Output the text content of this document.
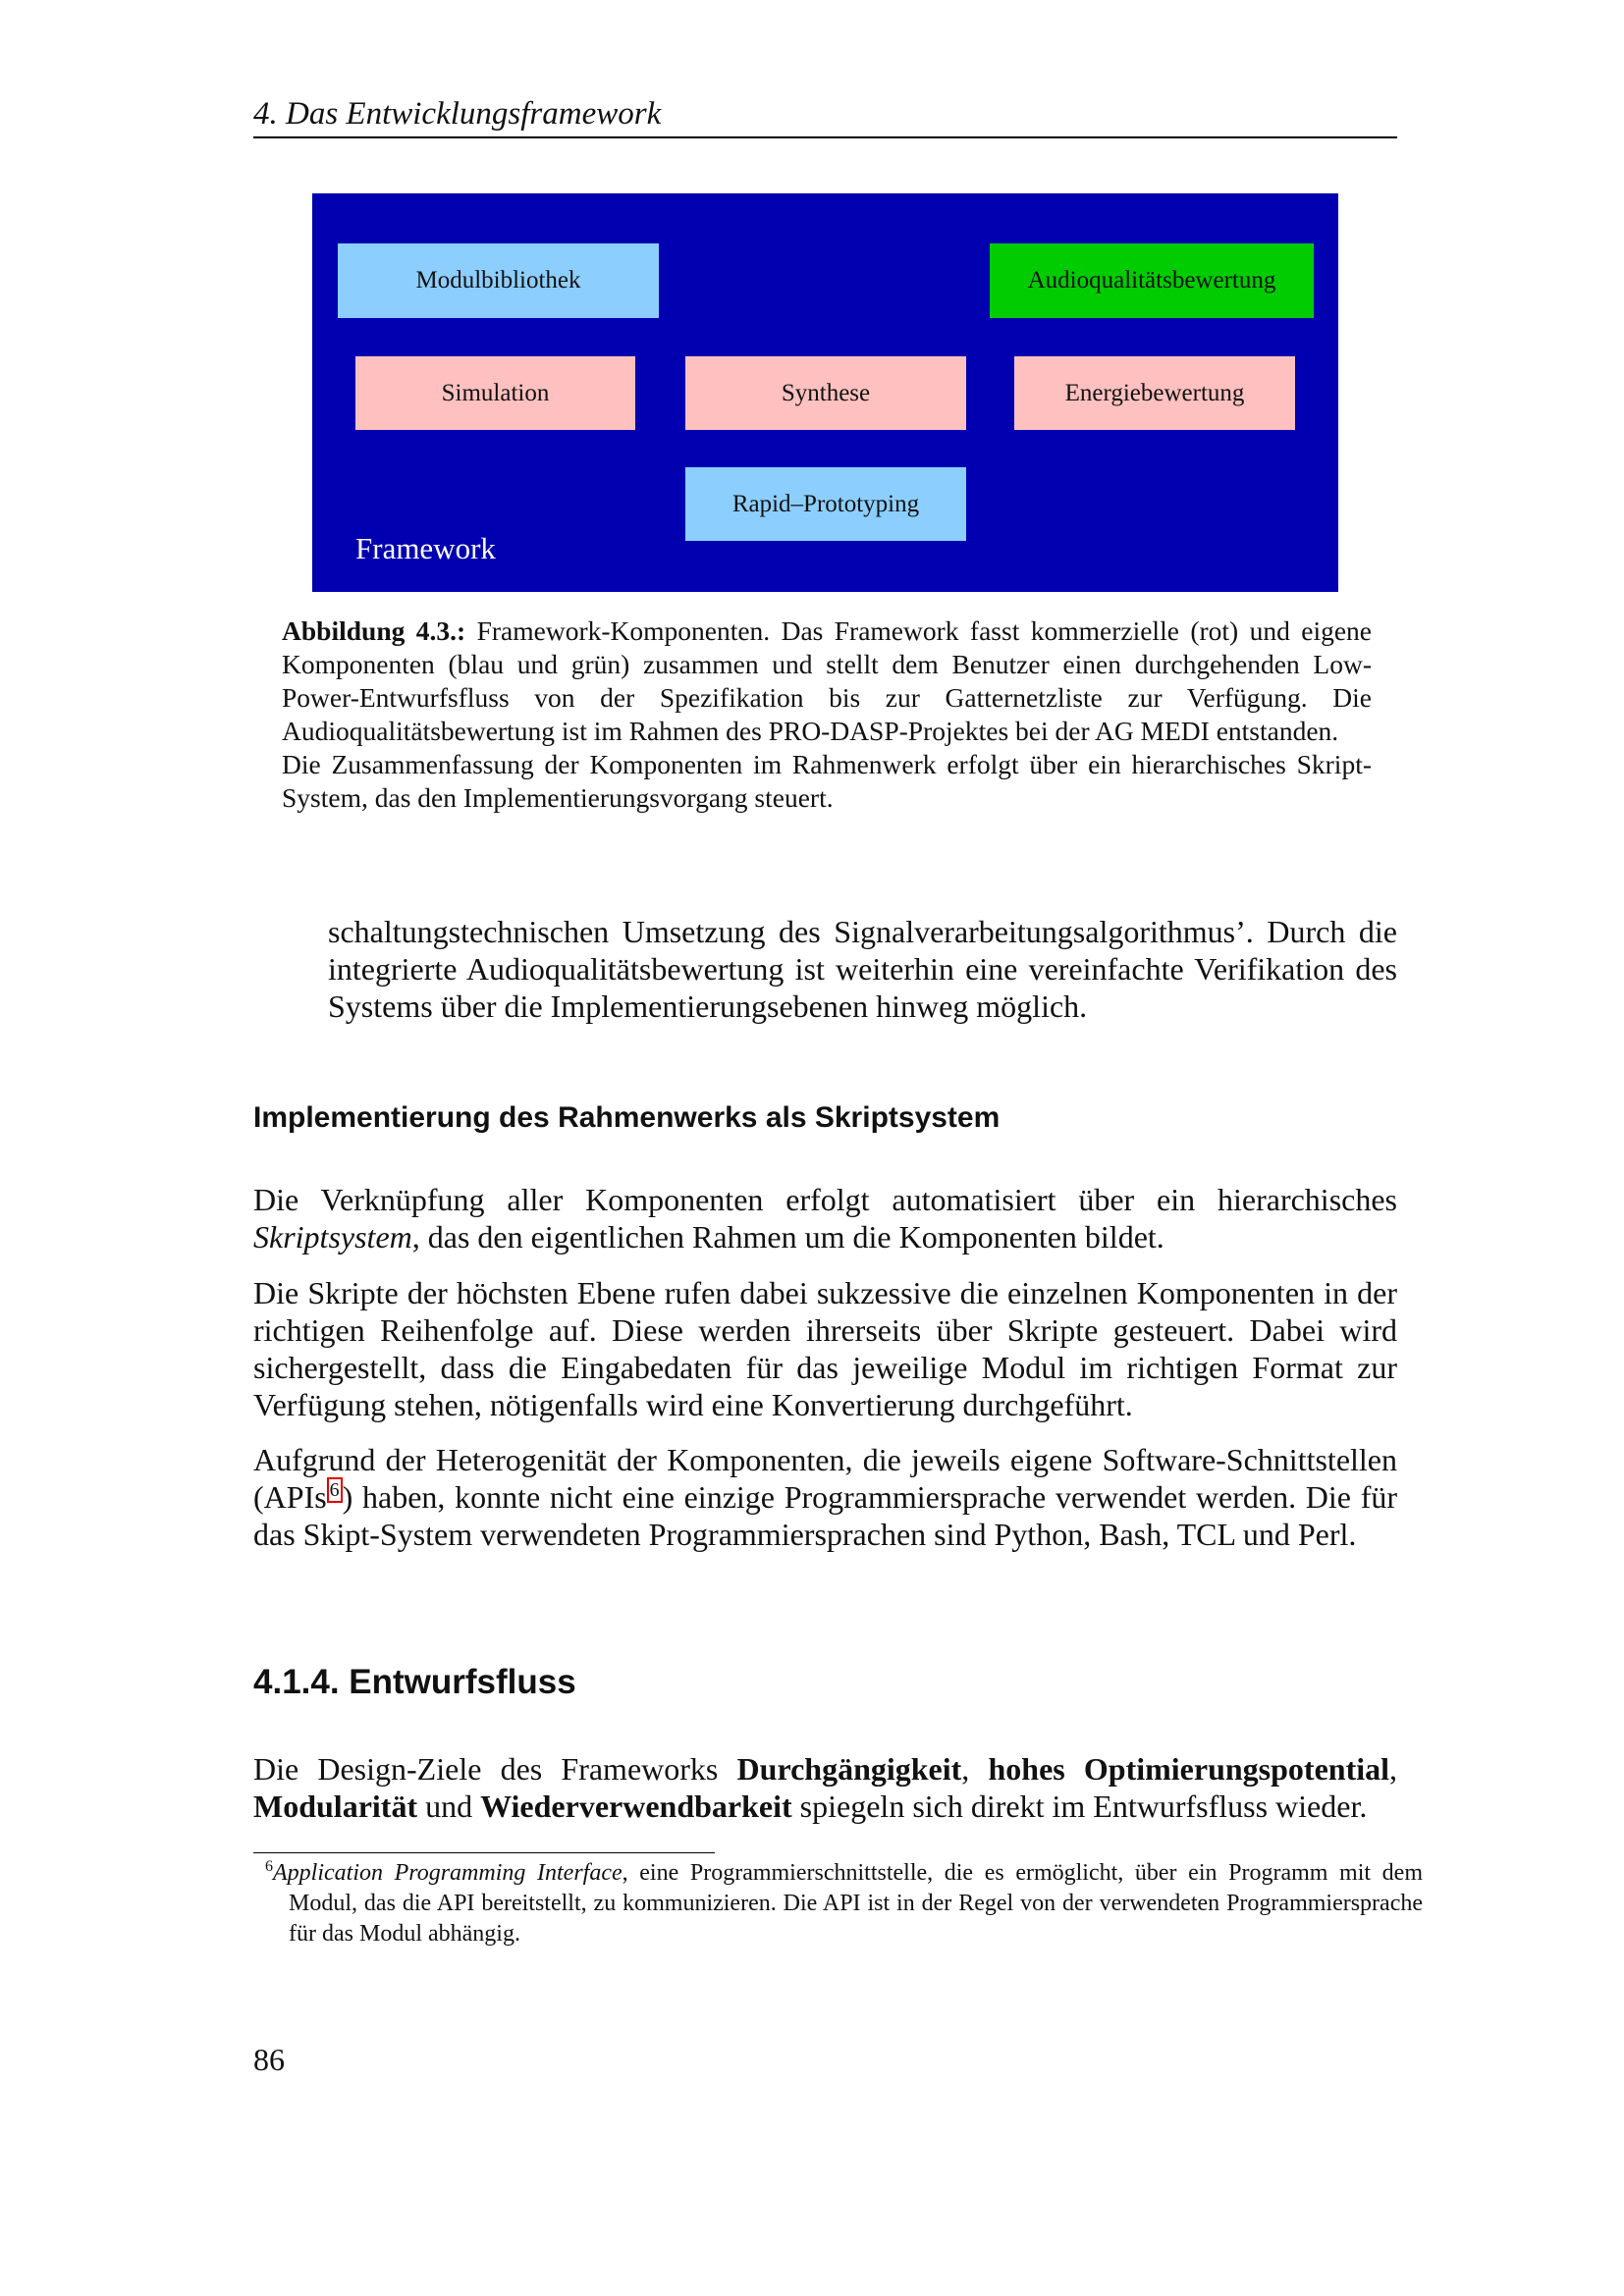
4. Das Entwicklungsframework
Modulbibliothek	Audioqualitätsbewertung
Simulation	Synthese	Energiebewertung
Rapid–Prototyping
Framework

Abbildung 4.3.: Framework-Komponenten. Das Framework fasst kommerzielle (rot) und eigene Komponenten (blau und grün) zusammen und stellt dem Benutzer einen durchgehenden Low-Power-Entwurfsfluss von der Spezifikation bis zur Gatternetzliste zur Verfügung. Die Audioqualitätsbewertung ist im Rahmen des PRO-DASP-Projektes bei der AG MEDI entstanden.

Die Zusammenfassung der Komponenten im Rahmenwerk erfolgt über ein hierarchisches Skript-System, das den Implementierungsvorgang steuert.

schaltungstechnischen Umsetzung des Signalverarbeitungsalgorithmus’. Durch die integrierte Audioqualitätsbewertung ist weiterhin eine vereinfachte Verifikation des Systems über die Implementierungsebenen hinweg möglich.

Implementierung des Rahmenwerks als Skriptsystem

Die Verknüpfung aller Komponenten erfolgt automatisiert über ein hierarchisches Skriptsystem, das den eigentlichen Rahmen um die Komponenten bildet.

Die Skripte der höchsten Ebene rufen dabei sukzessive die einzelnen Komponenten in der richtigen Reihenfolge auf. Diese werden ihrerseits über Skripte gesteuert. Dabei wird sichergestellt, dass die Eingabedaten für das jeweilige Modul im richtigen Format zur Verfügung stehen, nötigenfalls wird eine Konvertierung durchgeführt.

Aufgrund der Heterogenität der Komponenten, die jeweils eigene Software-Schnittstellen (APIs $^6$) haben, konnte nicht eine einzige Programmiersprache verwendet werden. Die für das Skipt-System verwendeten Programmiersprachen sind Python, Bash, TCL und Perl.

4.1.4. Entwurfsfluss

Die Design-Ziele des Frameworks Durchgängigkeit, hohes Optimierungspotential, Modularität und Wiederverwendbarkeit spiegeln sich direkt im Entwurfsfluss wieder.

$^6$Application Programming Interface, eine Programmierschnittstelle, die es ermöglicht, über ein Programm mit dem Modul, das die API bereitstellt, zu kommunizieren. Die API ist in der Regel von der verwendeten Programmiersprache für das Modul abhängig.

86
